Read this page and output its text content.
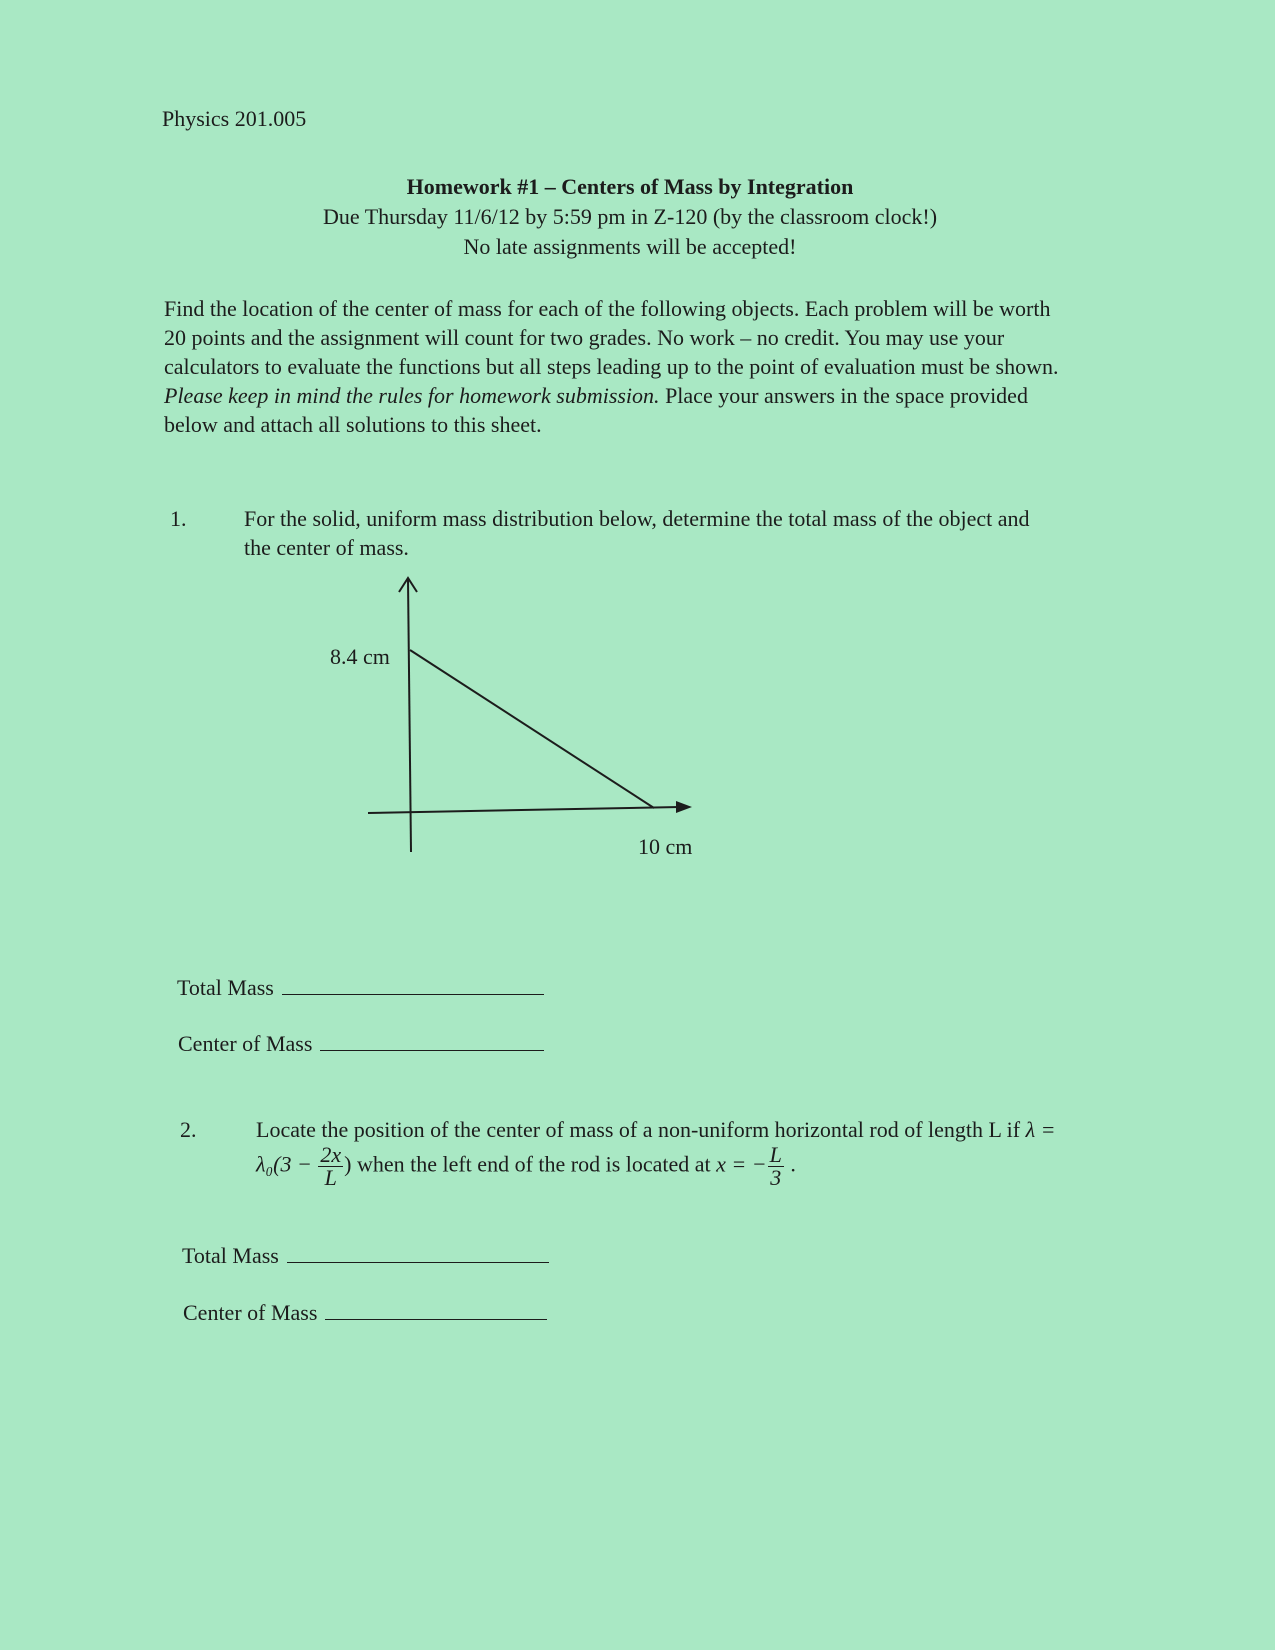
Physics 201.005
Homework #1 – Centers of Mass by Integration
Due Thursday 11/6/12 by 5:59 pm in Z-120 (by the classroom clock!)
No late assignments will be accepted!
Find the location of the center of mass for each of the following objects. Each problem will be worth 20 points and the assignment will count for two grades. No work – no credit. You may use your calculators to evaluate the functions but all steps leading up to the point of evaluation must be shown. Please keep in mind the rules for homework submission. Place your answers in the space provided below and attach all solutions to this sheet.
1.	For the solid, uniform mass distribution below, determine the total mass of the object and the center of mass.
8.4 cm
10 cm
Total Mass
Center of Mass
2.	Locate the position of the center of mass of a non-uniform horizontal rod of length L if $\lambda = \lambda_0(3 - \frac{2x}{L}$ ) when the left end of the rod is located at x = − $\frac{L}{3}$ .
Total Mass
Center of Mass
